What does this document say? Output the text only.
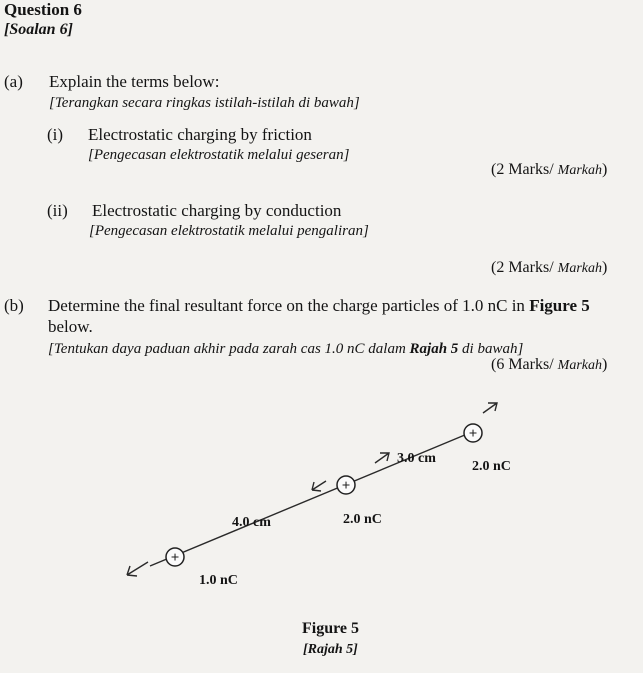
Question 6
[Soalan 6]
(a) Explain the terms below:
[Terangkan secara ringkas istilah-istilah di bawah]
(i) Electrostatic charging by friction
[Pengecasan elektrostatik melalui geseran]
(2 Marks/ Markah)
(ii) Electrostatic charging by conduction
[Pengecasan elektrostatik melalui pengaliran]
(2 Marks/ Markah)
(b) Determine the final resultant force on the charge particles of 1.0 nC in Figure 5
below.
[Tentukan daya paduan akhir pada zarah cas 1.0 nC dalam Rajah 5 di bawah]
(6 Marks/ Markah)
+
+
+
2.0 nC
2.0 nC
1.0 nC
3.0 cm
4.0 cm
Figure 5
[Rajah 5]
